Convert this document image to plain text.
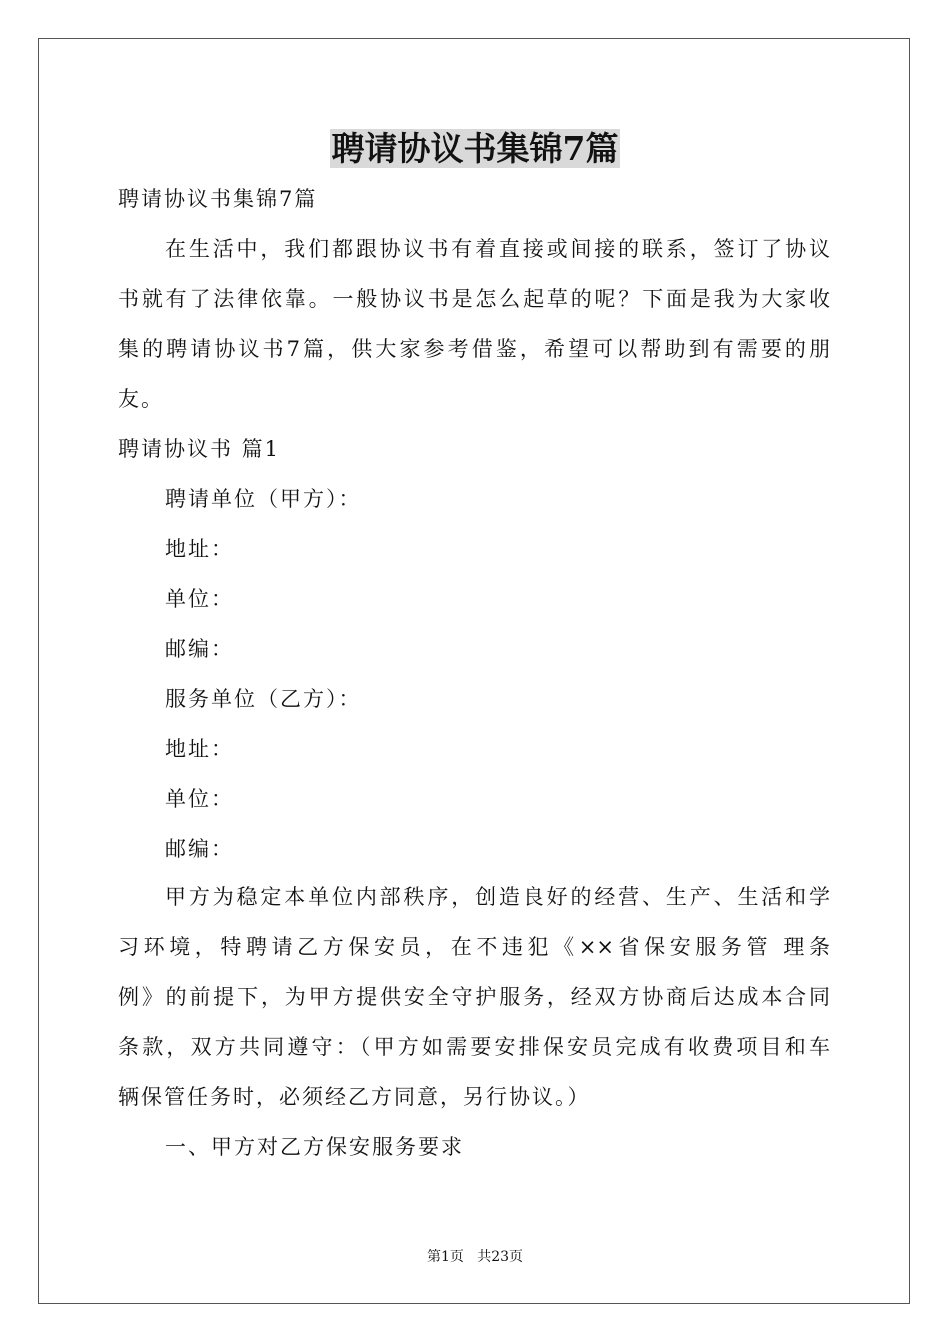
聘请协议书集锦7篇
聘请协议书集锦7篇
在生活中，我们都跟协议书有着直接或间接的联系，签订了协议
书就有了法律依靠。一般协议书是怎么起草的呢？下面是我为大家收
集的聘请协议书7篇，供大家参考借鉴，希望可以帮助到有需要的朋
友。
聘请协议书 篇1
聘请单位（甲方）：
地址：
单位：
邮编：
服务单位（乙方）：
地址：
单位：
邮编：
甲方为稳定本单位内部秩序，创造良好的经营、生产、生活和学
习环境，特聘请乙方保安员，在不违犯《××省保安服务管 理条
例》的前提下，为甲方提供安全守护服务，经双方协商后达成本合同
条款，双方共同遵守：（甲方如需要安排保安员完成有收费项目和车
辆保管任务时，必须经乙方同意，另行协议。）
一、甲方对乙方保安服务要求
第1页   共23页
